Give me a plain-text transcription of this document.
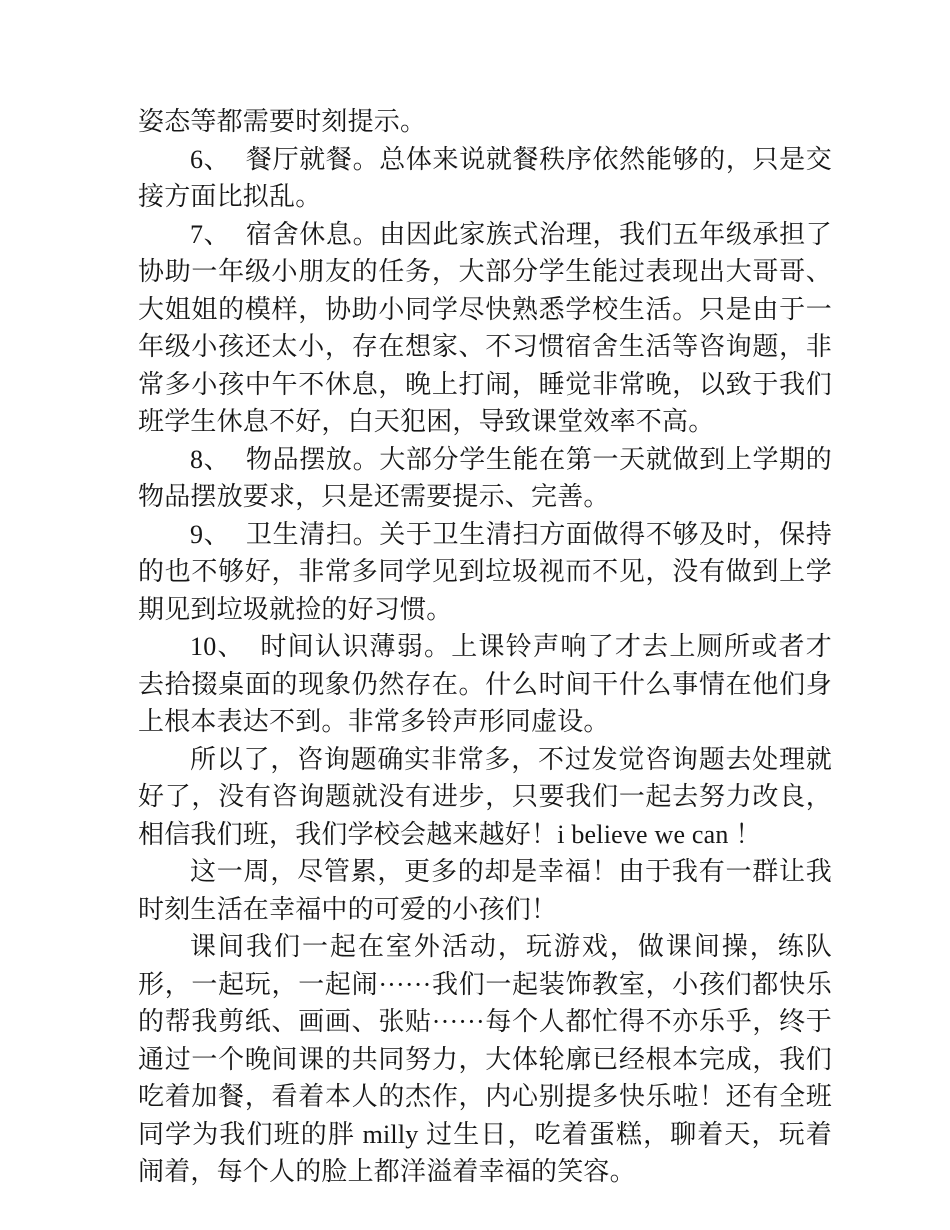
姿态等都需要时刻提示。

6、 餐厅就餐。总体来说就餐秩序依然能够的，只是交接方面比拟乱。

7、 宿舍休息。由因此家族式治理，我们五年级承担了协助一年级小朋友的任务，大部分学生能过表现出大哥哥、大姐姐的模样，协助小同学尽快熟悉学校生活。只是由于一年级小孩还太小，存在想家、不习惯宿舍生活等咨询题，非常多小孩中午不休息，晚上打闹，睡觉非常晚，以致于我们班学生休息不好，白天犯困，导致课堂效率不高。

8、 物品摆放。大部分学生能在第一天就做到上学期的物品摆放要求，只是还需要提示、完善。

9、 卫生清扫。关于卫生清扫方面做得不够及时，保持的也不够好，非常多同学见到垃圾视而不见，没有做到上学期见到垃圾就捡的好习惯。

10、 时间认识薄弱。上课铃声响了才去上厕所或者才去拾掇桌面的现象仍然存在。什么时间干什么事情在他们身上根本表达不到。非常多铃声形同虚设。

所以了，咨询题确实非常多，不过发觉咨询题去处理就好了，没有咨询题就没有进步，只要我们一起去努力改良，相信我们班，我们学校会越来越好！i believe we can ！

这一周，尽管累，更多的却是幸福！由于我有一群让我时刻生活在幸福中的可爱的小孩们！

课间我们一起在室外活动，玩游戏，做课间操，练队形，一起玩，一起闹······我们一起装饰教室，小孩们都快乐的帮我剪纸、画画、张贴······每个人都忙得不亦乐乎，终于通过一个晚间课的共同努力，大体轮廓已经根本完成，我们吃着加餐，看着本人的杰作，内心别提多快乐啦！还有全班同学为我们班的胖 milly 过生日，吃着蛋糕，聊着天，玩着闹着，每个人的脸上都洋溢着幸福的笑容。
